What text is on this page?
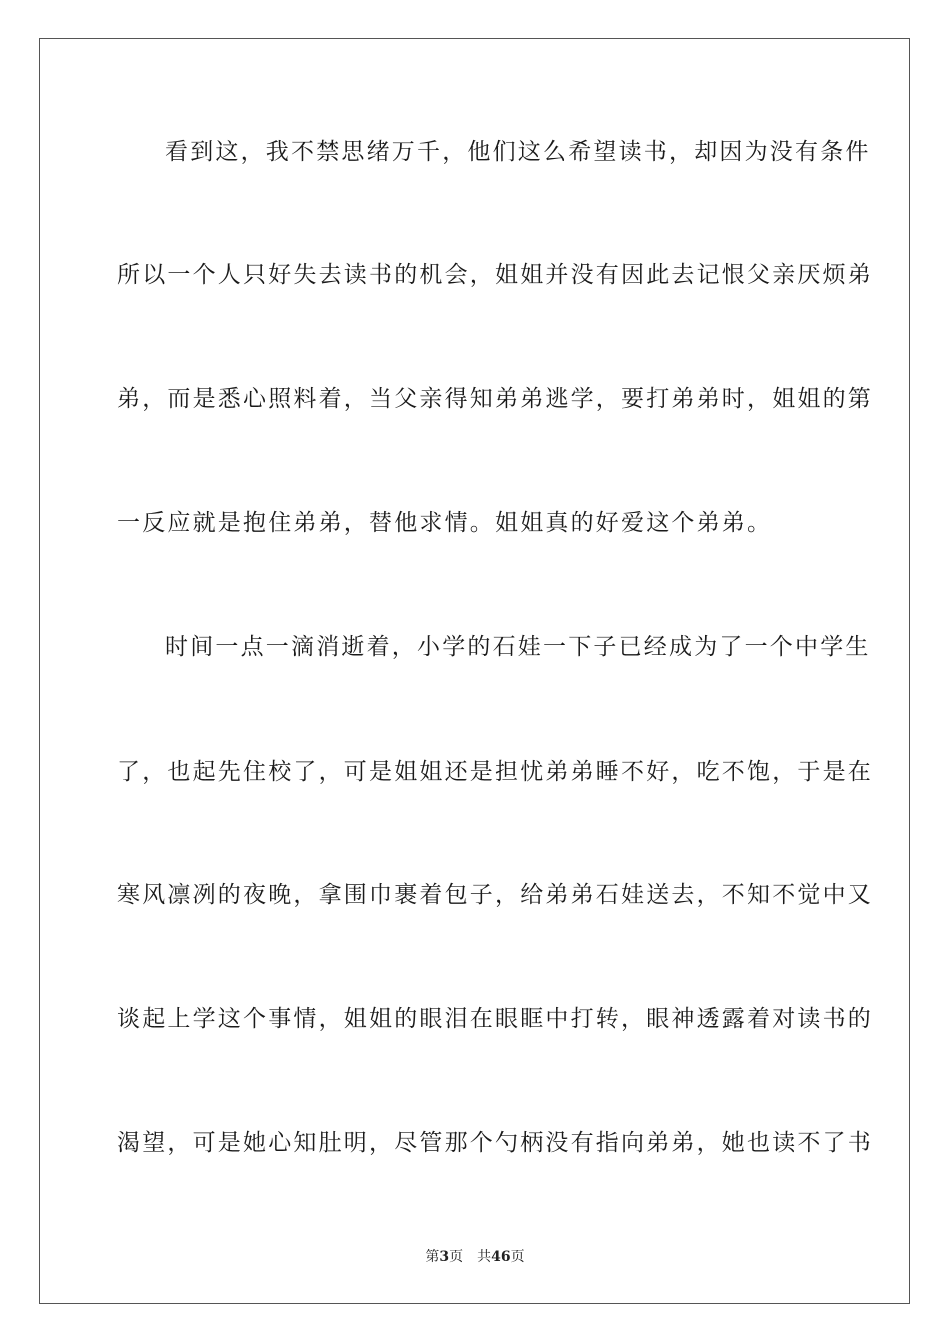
看到这，我不禁思绪万千，他们这么希望读书，却因为没有条件
所以一个人只好失去读书的机会，姐姐并没有因此去记恨父亲厌烦弟
弟，而是悉心照料着，当父亲得知弟弟逃学，要打弟弟时，姐姐的第
一反应就是抱住弟弟，替他求情。姐姐真的好爱这个弟弟。
时间一点一滴消逝着，小学的石娃一下子已经成为了一个中学生
了，也起先住校了，可是姐姐还是担忧弟弟睡不好，吃不饱，于是在
寒风凛冽的夜晚，拿围巾裹着包子，给弟弟石娃送去，不知不觉中又
谈起上学这个事情，姐姐的眼泪在眼眶中打转，眼神透露着对读书的
渴望，可是她心知肚明，尽管那个勺柄没有指向弟弟，她也读不了书
第3页 共46页
